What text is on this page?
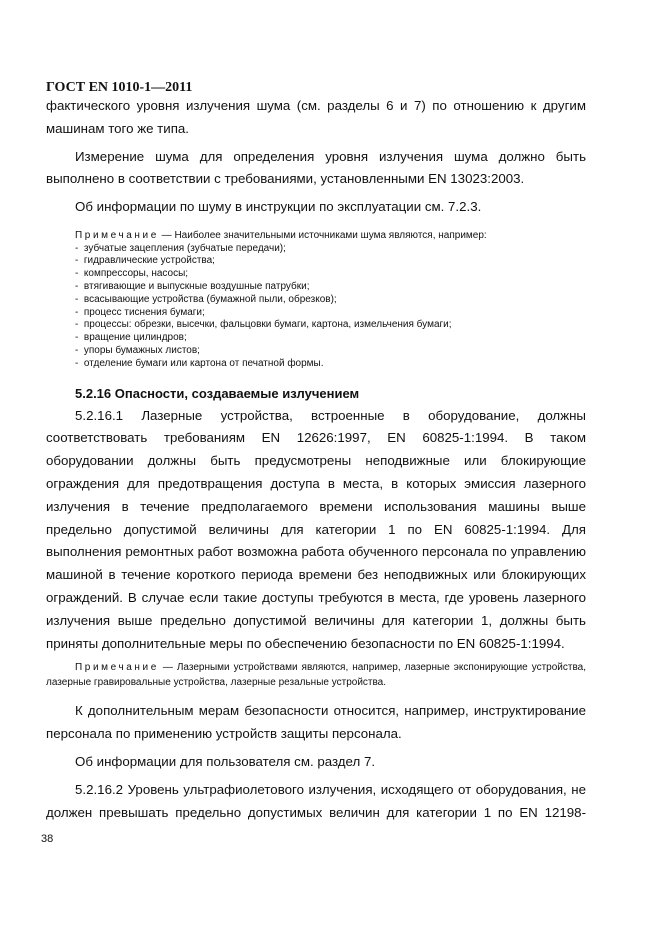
ГОСТ EN 1010-1—2011

фактического уровня излучения шума (см. разделы 6 и 7) по отношению к другим машинам того же типа.

Измерение шума для определения уровня излучения шума должно быть выполнено в соответствии с требованиями, установленными EN 13023:2003.

Об информации по шуму в инструкции по эксплуатации см. 7.2.3.

Примечание — Наиболее значительными источниками шума являются, например:
- зубчатые зацепления (зубчатые передачи);
- гидравлические устройства;
- компрессоры, насосы;
- втягивающие и выпускные воздушные патрубки;
- всасывающие устройства (бумажной пыли, обрезков);
- процесс тиснения бумаги;
- процессы: обрезки, высечки, фальцовки бумаги, картона, измельчения бумаги;
- вращение цилиндров;
- упоры бумажных листов;
- отделение бумаги или картона от печатной формы.
5.2.16 Опасности, создаваемые излучением

5.2.16.1 Лазерные устройства, встроенные в оборудование, должны соответствовать требованиям EN 12626:1997, EN 60825-1:1994. В таком оборудовании должны быть предусмотрены неподвижные или блокирующие ограждения для предотвращения доступа в места, в которых эмиссия лазерного излучения в течение предполагаемого времени использования машины выше предельно допустимой величины для категории 1 по EN 60825-1:1994. Для выполнения ремонтных работ возможна работа обученного персонала по управлению машиной в течение короткого периода времени без неподвижных или блокирующих ограждений. В случае если такие доступы требуются в места, где уровень лазерного излучения выше предельно допустимой величины для категории 1, должны быть приняты дополнительные меры по обеспечению безопасности по EN 60825-1:1994.

Примечание — Лазерными устройствами являются, например, лазерные экспонирующие устройства, лазерные гравировальные устройства, лазерные резальные устройства.

К дополнительным мерам безопасности относится, например, инструктирование персонала по применению устройств защиты персонала.

Об информации для пользователя см. раздел 7.

5.2.16.2 Уровень ультрафиолетового излучения, исходящего от оборудования, не должен превышать предельно допустимых величин для категории 1 по EN 12198-

38
